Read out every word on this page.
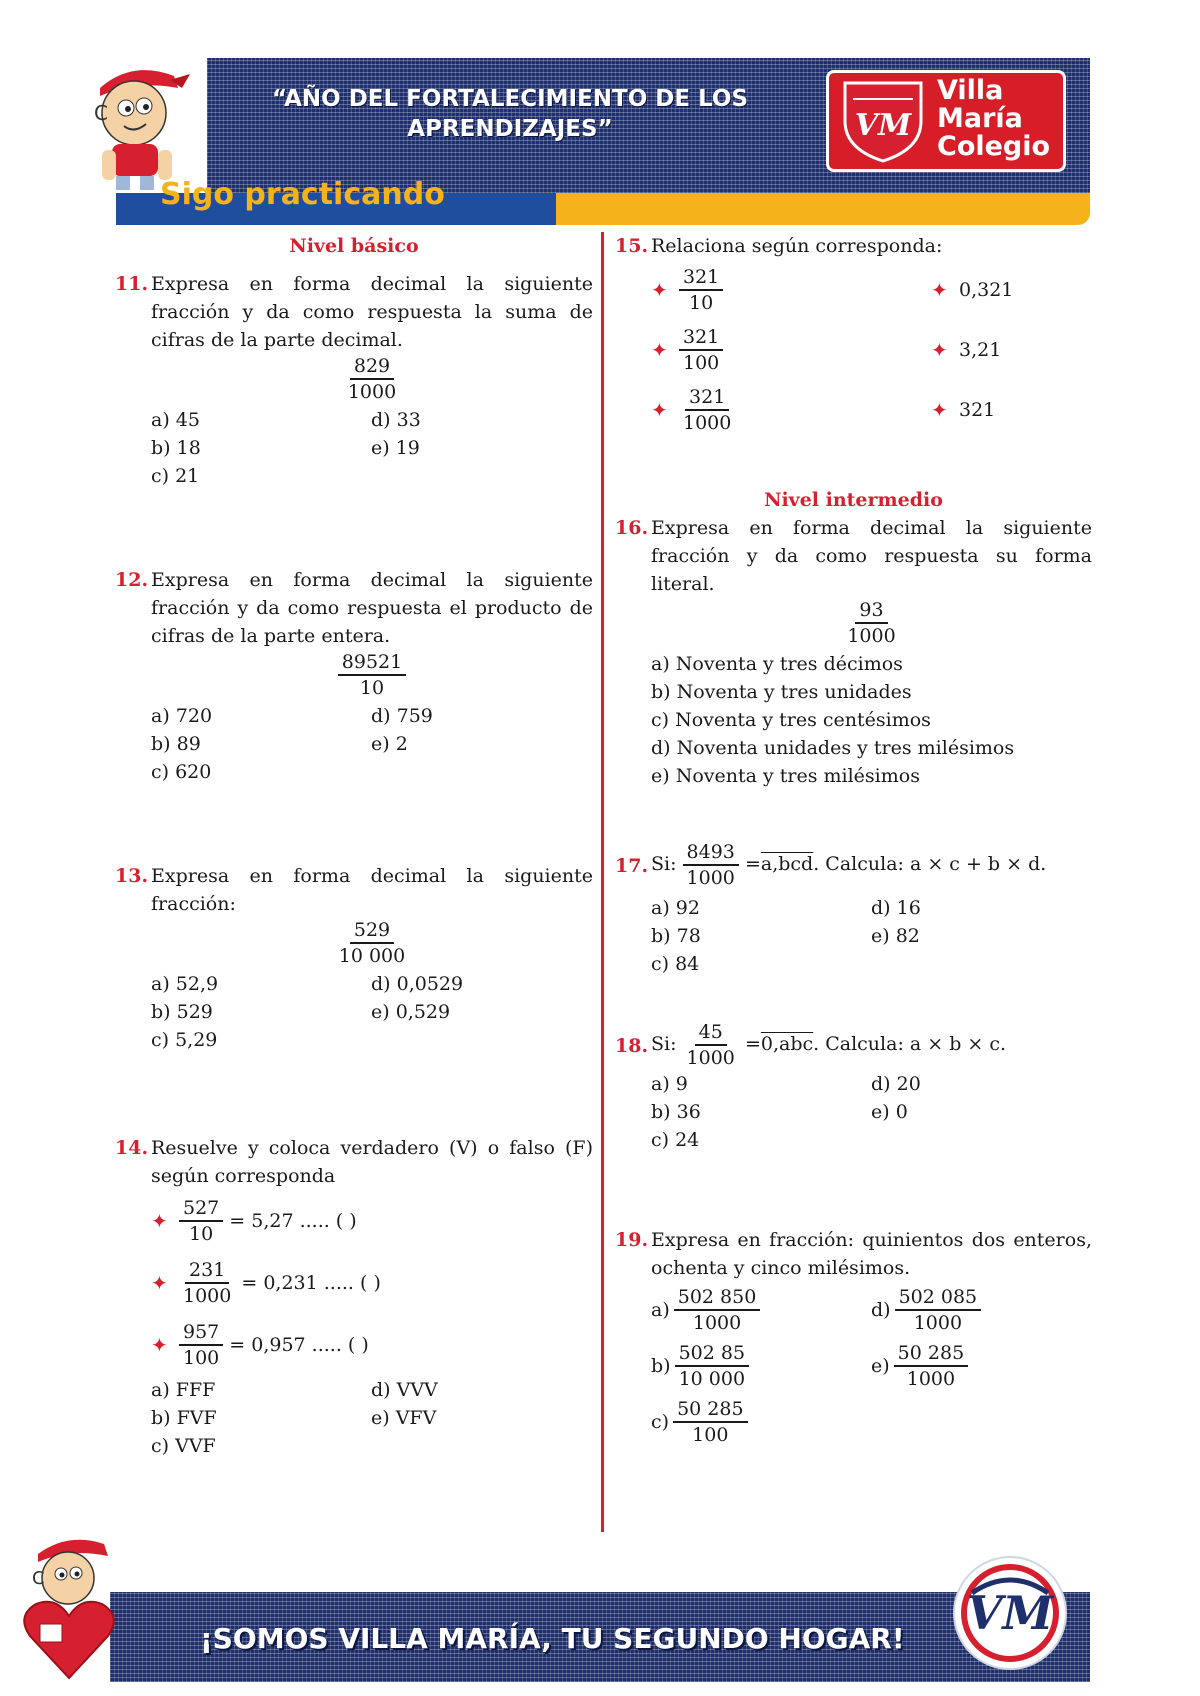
C
“AÑO DEL FORTALECIMIENTO DE LOS APRENDIZAJES”	VM
Villa
María
Colegio
Sigo practicando
Nivel básico
11. Expresa en forma decimal la siguiente fracción y da como respuesta la suma de cifras de la parte decimal.
$\frac{829}{1000}$
a) 45	d) 33
b) 18	e) 19
c) 21
12. Expresa en forma decimal la siguiente fracción y da como respuesta el producto de cifras de la parte entera.
$\frac{89521}{10}$
a) 720	d) 759
b) 89	e) 2
c) 620
13. Expresa en forma decimal la siguiente fracción:
$\frac{529}{10 000}$
a) 52,9	d) 0,0529
b) 529	e) 0,529
c) 5,29
14. Resuelve y coloca verdadero (V) o falso (F) según corresponda
✦ $\frac{527}{10} = 5,27$ ..... ( )
✦ $\frac{231}{1000} = 0,231$ ..... ( )
✦ $\frac{957}{100} = 0,957$ ..... ( )
a) FFF	d) VVV
b) FVF	e) VFV
c) VVF
15. Relaciona según corresponda:
✦ $\frac{321}{10}$	✦ 0,321
✦ $\frac{321}{100}$	✦ 3,21
✦ $\frac{321}{1000}$	✦ 321
Nivel intermedio
16. Expresa en forma decimal la siguiente fracción y da como respuesta su forma literal.
$\frac{93}{1000}$
a) Noventa y tres décimos
b) Noventa y tres unidades
c) Noventa y tres centésimos
d) Noventa unidades y tres milésimos
e) Noventa y tres milésimos
17. Si: $\frac{8493}{1000} =a,bcd$. Calcula: a × c + b × d.
a) 92	d) 16
b) 78	e) 82
c) 84
18. Si: $\frac{45}{1000} =0,abc$. Calcula: a × b × c.
a) 9	d) 20
b) 36	e) 0
c) 24
19. Expresa en fracción: quinientos dos enteros, ochenta y cinco milésimos.
$a) \frac{502 850}{1000}$	$d) \frac{502 085}{1000}$
$b) \frac{502 85}{10 000}$	$e) \frac{50 285}{1000}$
$c) \frac{50 285}{100}$
¡SOMOS VILLA MARÍA, TU SEGUNDO HOGAR! VM
C
